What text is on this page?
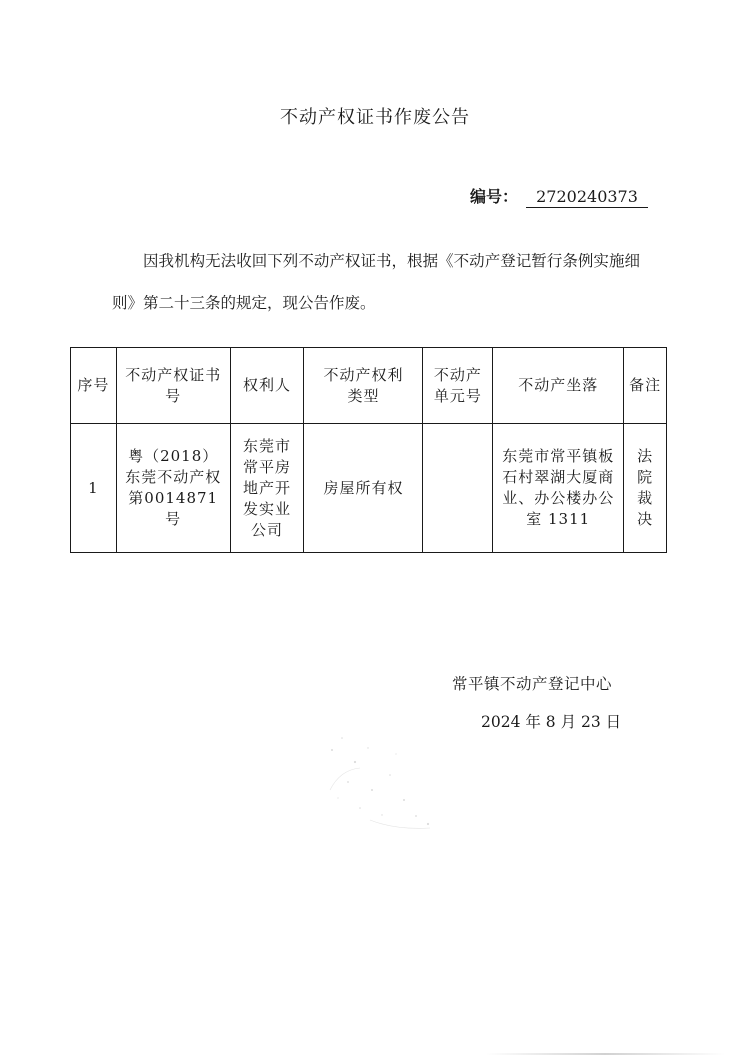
不动产权证书作废公告
编号： 2720240373
因我机构无法收回下列不动产权证书，根据《不动产登记暂行条例实施细则》第二十三条的规定，现公告作废。
序号	不动产权证书号	权利人	不动产权利类型	不动产单元号	不动产坐落	备注

1	粤（2018）东莞不动产权第0014871号	东莞市常平房地产开发实业公司	房屋所有权		东莞市常平镇板石村翠湖大厦商业、办公楼办公室 1311	法院裁决
常平镇不动产登记中心
2024 年 8 月 23 日
